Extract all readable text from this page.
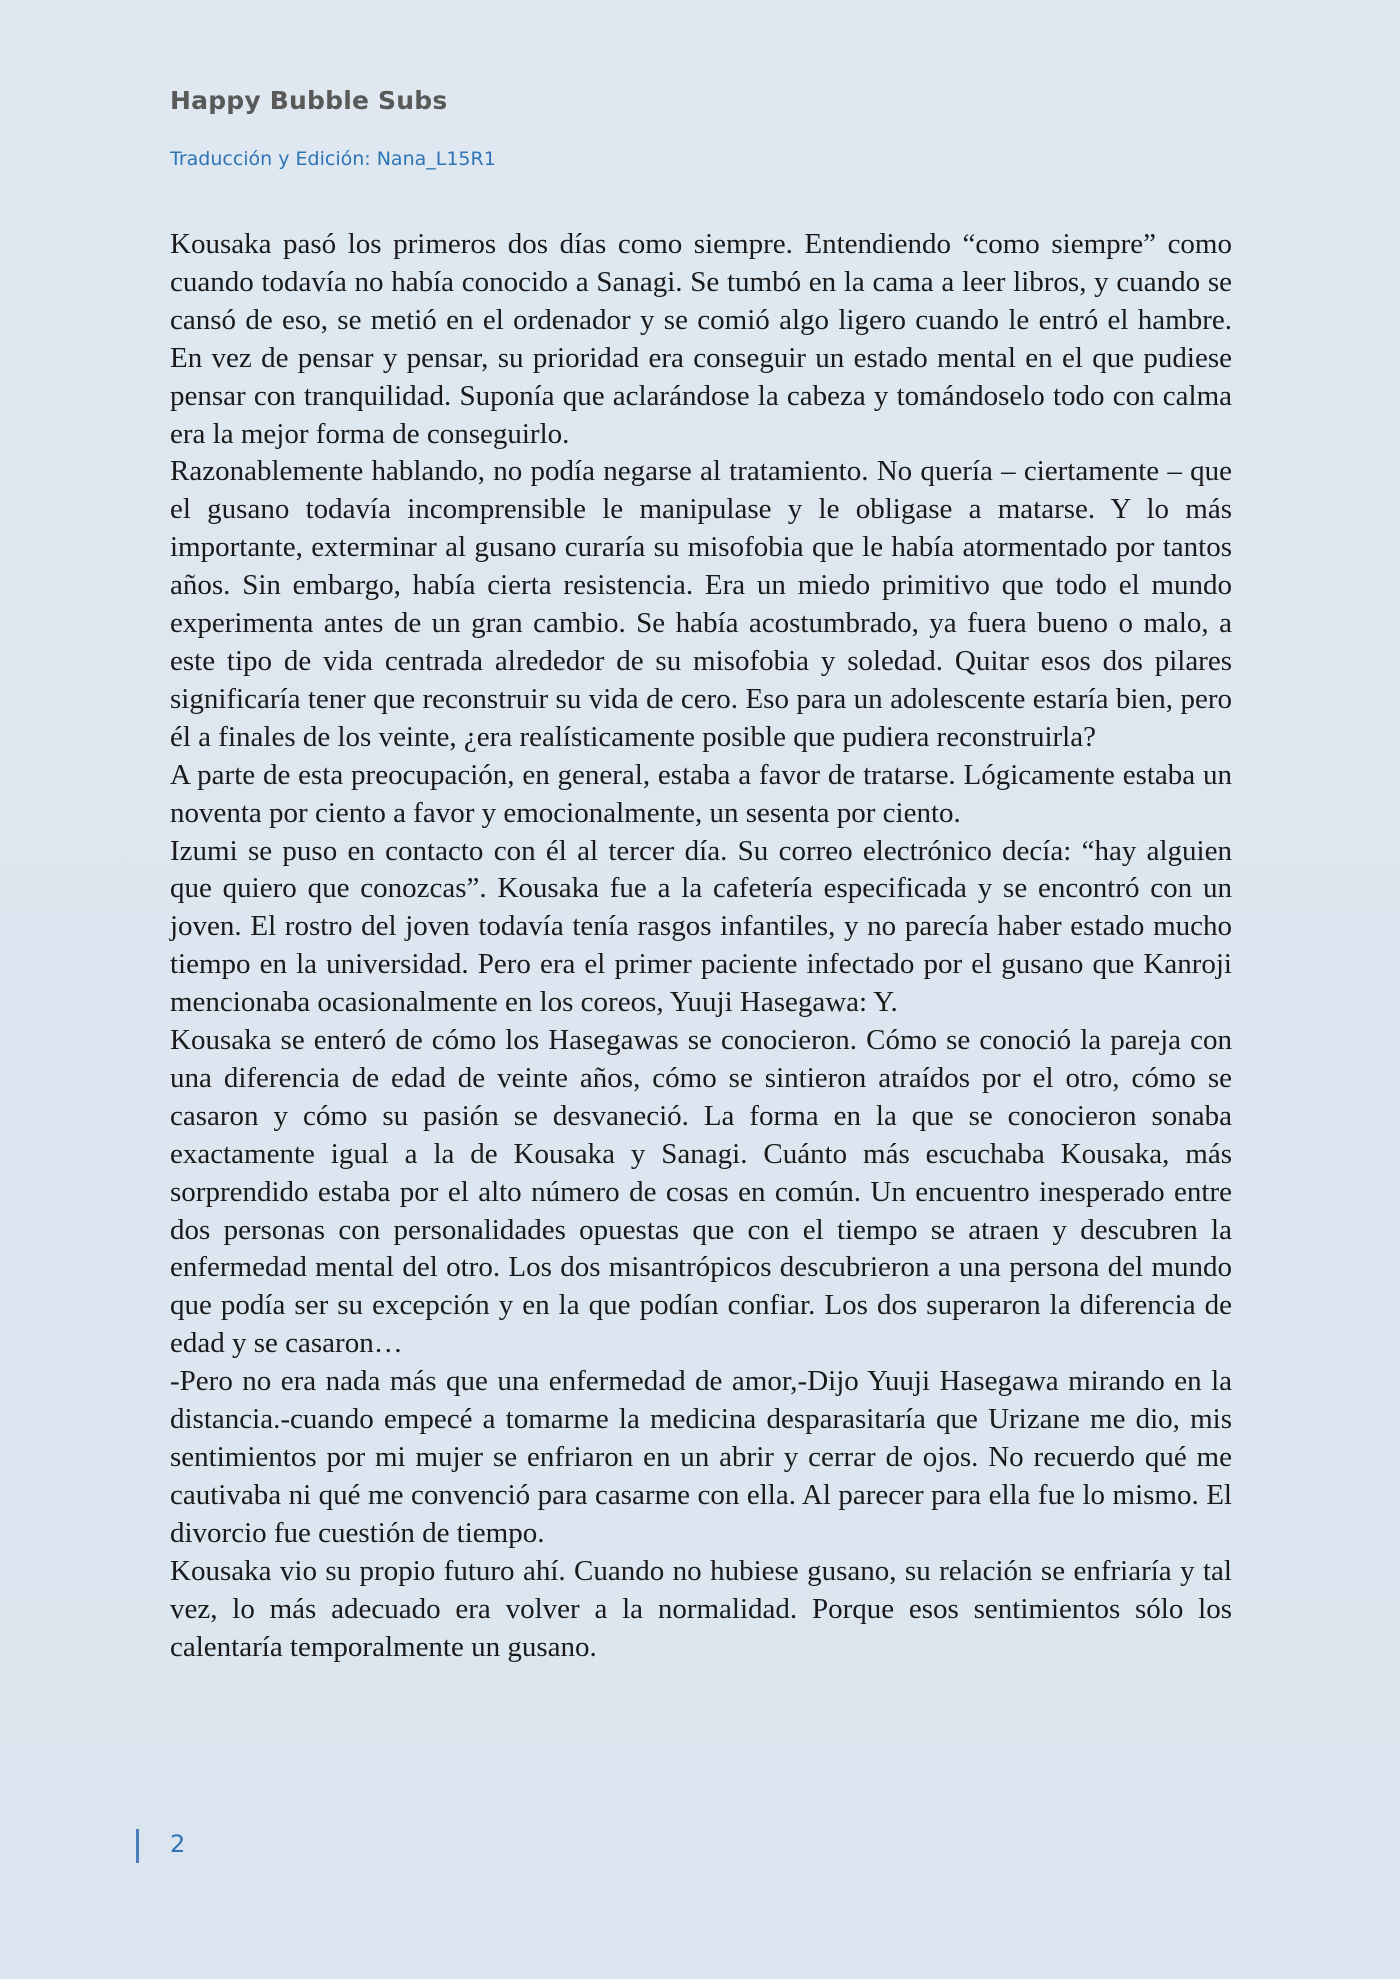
Happy Bubble Subs
Traducción y Edición: Nana_L15R1

Kousaka pasó los primeros dos días como siempre. Entendiendo “como siempre” como cuando todavía no había conocido a Sanagi. Se tumbó en la cama a leer libros, y cuando se cansó de eso, se metió en el ordenador y se comió algo ligero cuando le entró el hambre. En vez de pensar y pensar, su prioridad era conseguir un estado mental en el que pudiese pensar con tranquilidad. Suponía que aclarándose la cabeza y tomándoselo todo con calma era la mejor forma de conseguirlo.

Razonablemente hablando, no podía negarse al tratamiento. No quería – ciertamente – que el gusano todavía incomprensible le manipulase y le obligase a matarse. Y lo más importante, exterminar al gusano curaría su misofobia que le había atormentado por tantos años. Sin embargo, había cierta resistencia. Era un miedo primitivo que todo el mundo experimenta antes de un gran cambio. Se había acostumbrado, ya fuera bueno o malo, a este tipo de vida centrada alrededor de su misofobia y soledad. Quitar esos dos pilares significaría tener que reconstruir su vida de cero. Eso para un adolescente estaría bien, pero él a finales de los veinte, ¿era realísticamente posible que pudiera reconstruirla?

A parte de esta preocupación, en general, estaba a favor de tratarse. Lógicamente estaba un noventa por ciento a favor y emocionalmente, un sesenta por ciento.

Izumi se puso en contacto con él al tercer día. Su correo electrónico decía: “hay alguien que quiero que conozcas”. Kousaka fue a la cafetería especificada y se encontró con un joven. El rostro del joven todavía tenía rasgos infantiles, y no parecía haber estado mucho tiempo en la universidad. Pero era el primer paciente infectado por el gusano que Kanroji mencionaba ocasionalmente en los coreos, Yuuji Hasegawa: Y.

Kousaka se enteró de cómo los Hasegawas se conocieron. Cómo se conoció la pareja con una diferencia de edad de veinte años, cómo se sintieron atraídos por el otro, cómo se casaron y cómo su pasión se desvaneció. La forma en la que se conocieron sonaba exactamente igual a la de Kousaka y Sanagi. Cuánto más escuchaba Kousaka, más sorprendido estaba por el alto número de cosas en común. Un encuentro inesperado entre dos personas con personalidades opuestas que con el tiempo se atraen y descubren la enfermedad mental del otro. Los dos misantrópicos descubrieron a una persona del mundo que podía ser su excepción y en la que podían confiar. Los dos superaron la diferencia de edad y se casaron…

-Pero no era nada más que una enfermedad de amor,-Dijo Yuuji Hasegawa mirando en la distancia.-cuando empecé a tomarme la medicina desparasitaría que Urizane me dio, mis sentimientos por mi mujer se enfriaron en un abrir y cerrar de ojos. No recuerdo qué me cautivaba ni qué me convenció para casarme con ella. Al parecer para ella fue lo mismo. El divorcio fue cuestión de tiempo.

Kousaka vio su propio futuro ahí. Cuando no hubiese gusano, su relación se enfriaría y tal vez, lo más adecuado era volver a la normalidad. Porque esos sentimientos sólo los calentaría temporalmente un gusano.

2
